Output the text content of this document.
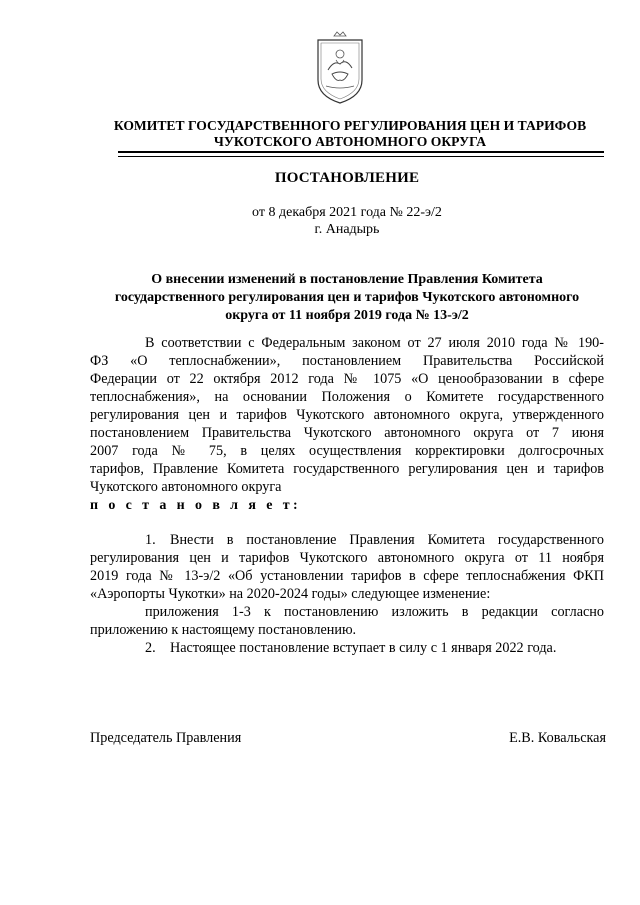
КОМИТЕТ ГОСУДАРСТВЕННОГО РЕГУЛИРОВАНИЯ ЦЕН И ТАРИФОВ
ЧУКОТСКОГО АВТОНОМНОГО ОКРУГА
ПОСТАНОВЛЕНИЕ
от 8 декабря 2021 года № 22-э/2
г. Анадырь
О внесении изменений в постановление Правления Комитета
государственного регулирования цен и тарифов Чукотского автономного
округа от 11 ноября 2019 года № 13-э/2
В соответствии с Федеральным законом от 27 июля 2010 года № 190-
ФЗ «О теплоснабжении», постановлением Правительства Российской
Федерации от 22 октября 2012 года № 1075 «О ценообразовании в сфере
теплоснабжения», на основании Положения о Комитете государственного
регулирования цен и тарифов Чукотского автономного округа, утвержденного
постановлением Правительства Чукотского автономного округа от 7 июня
2007 года № 75, в целях осуществления корректировки долгосрочных
тарифов, Правление Комитета государственного регулирования цен и тарифов
Чукотского автономного округа
п о с т а н о в л я е т:
1. Внести в постановление Правления Комитета государственного
регулирования цен и тарифов Чукотского автономного округа от 11 ноября
2019 года № 13-э/2 «Об установлении тарифов в сфере теплоснабжения ФКП
«Аэропорты Чукотки» на 2020-2024 годы» следующее изменение:
приложения 1-3 к постановлению изложить в редакции согласно
приложению к настоящему постановлению.
2. Настоящее постановление вступает в силу с 1 января 2022 года.
Председатель Правления	Е.В. Ковальская
